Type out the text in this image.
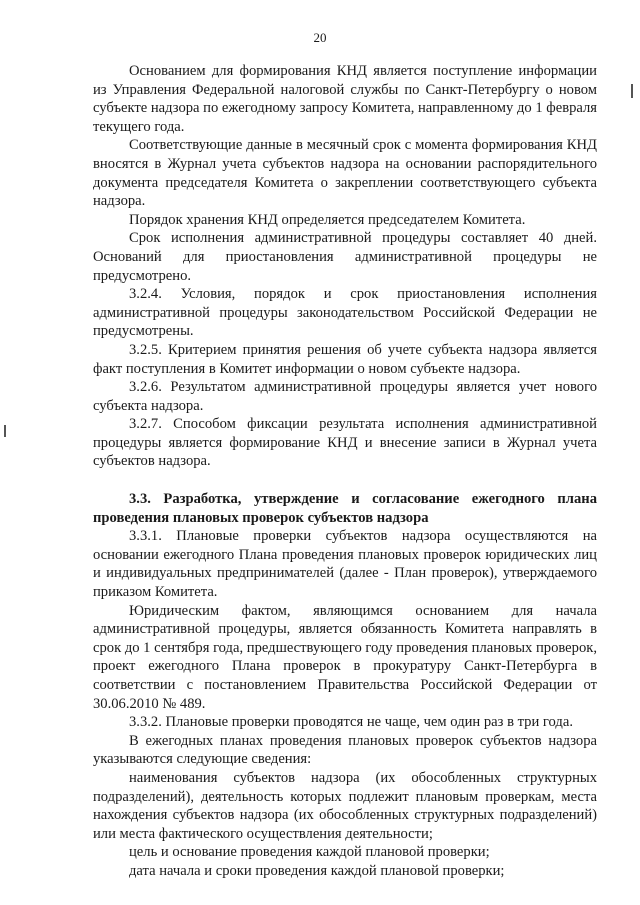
20

Основанием для формирования КНД является поступление информации из Управления Федеральной налоговой службы по Санкт-Петербургу о новом субъекте надзора по ежегодному запросу Комитета, направленному до 1 февраля текущего года.

Соответствующие данные в месячный срок с момента формирования КНД вносятся в Журнал учета субъектов надзора на основании распорядительного документа председателя Комитета о закреплении соответствующего субъекта надзора.

Порядок хранения КНД определяется председателем Комитета.

Срок исполнения административной процедуры составляет 40 дней. Оснований для приостановления административной процедуры не предусмотрено.

3.2.4. Условия, порядок и срок приостановления исполнения административной процедуры законодательством Российской Федерации не предусмотрены.

3.2.5. Критерием принятия решения об учете субъекта надзора является факт поступления в Комитет информации о новом субъекте надзора.

3.2.6. Результатом административной процедуры является учет нового субъекта надзора.

3.2.7. Способом фиксации результата исполнения административной процедуры является формирование КНД и внесение записи в Журнал учета субъектов надзора.

3.3. Разработка, утверждение и согласование ежегодного плана проведения плановых проверок субъектов надзора

3.3.1. Плановые проверки субъектов надзора осуществляются на основании ежегодного Плана проведения плановых проверок юридических лиц и индивидуальных предпринимателей (далее - План проверок), утверждаемого приказом Комитета.

Юридическим фактом, являющимся основанием для начала административной процедуры, является обязанность Комитета направлять в срок до 1 сентября года, предшествующего году проведения плановых проверок, проект ежегодного Плана проверок в прокуратуру Санкт-Петербурга в соответствии с постановлением Правительства Российской Федерации от 30.06.2010 № 489.

3.3.2. Плановые проверки проводятся не чаще, чем один раз в три года.

В ежегодных планах проведения плановых проверок субъектов надзора указываются следующие сведения:

наименования субъектов надзора (их обособленных структурных подразделений), деятельность которых подлежит плановым проверкам, места нахождения субъектов надзора (их обособленных структурных подразделений) или места фактического осуществления деятельности;

цель и основание проведения каждой плановой проверки;

дата начала и сроки проведения каждой плановой проверки;
